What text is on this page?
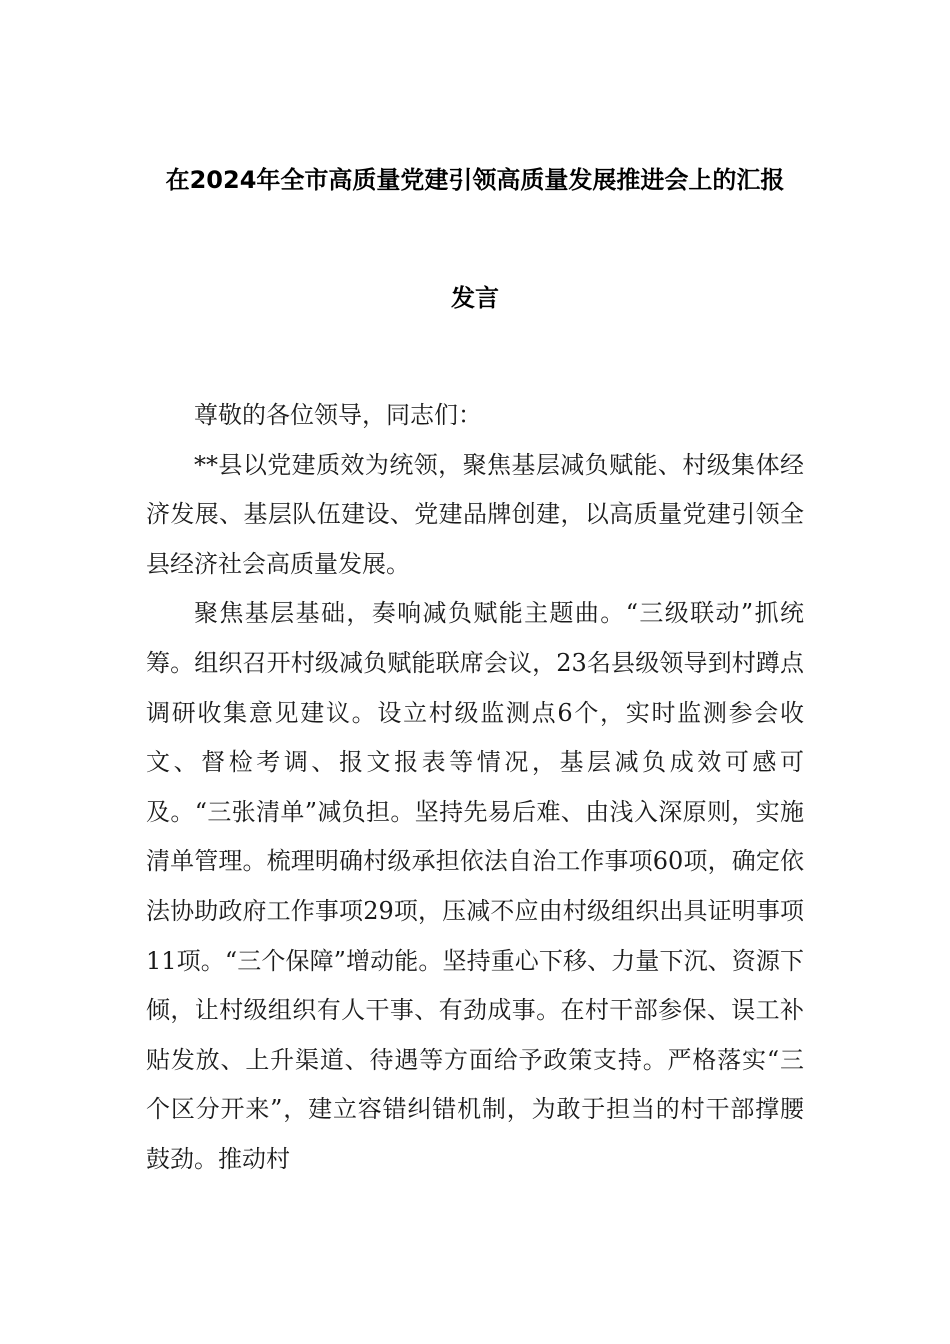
在2024年全市高质量党建引领高质量发展推进会上的汇报
发言

尊敬的各位领导，同志们：

**县以党建质效为统领，聚焦基层减负赋能、村级集体经济发展、基层队伍建设、党建品牌创建，以高质量党建引领全县经济社会高质量发展。

聚焦基层基础，奏响减负赋能主题曲。“三级联动”抓统筹。组织召开村级减负赋能联席会议，23名县级领导到村蹲点调研收集意见建议。设立村级监测点6个，实时监测参会收文、督检考调、报文报表等情况，基层减负成效可感可及。“三张清单”减负担。坚持先易后难、由浅入深原则，实施清单管理。梳理明确村级承担依法自治工作事项60项，确定依法协助政府工作事项29项，压减不应由村级组织出具证明事项11项。“三个保障”增动能。坚持重心下移、力量下沉、资源下倾，让村级组织有人干事、有劲成事。在村干部参保、误工补贴发放、上升渠道、待遇等方面给予政策支持。严格落实“三个区分开来”，建立容错纠错机制，为敢于担当的村干部撑腰鼓劲。推动村
